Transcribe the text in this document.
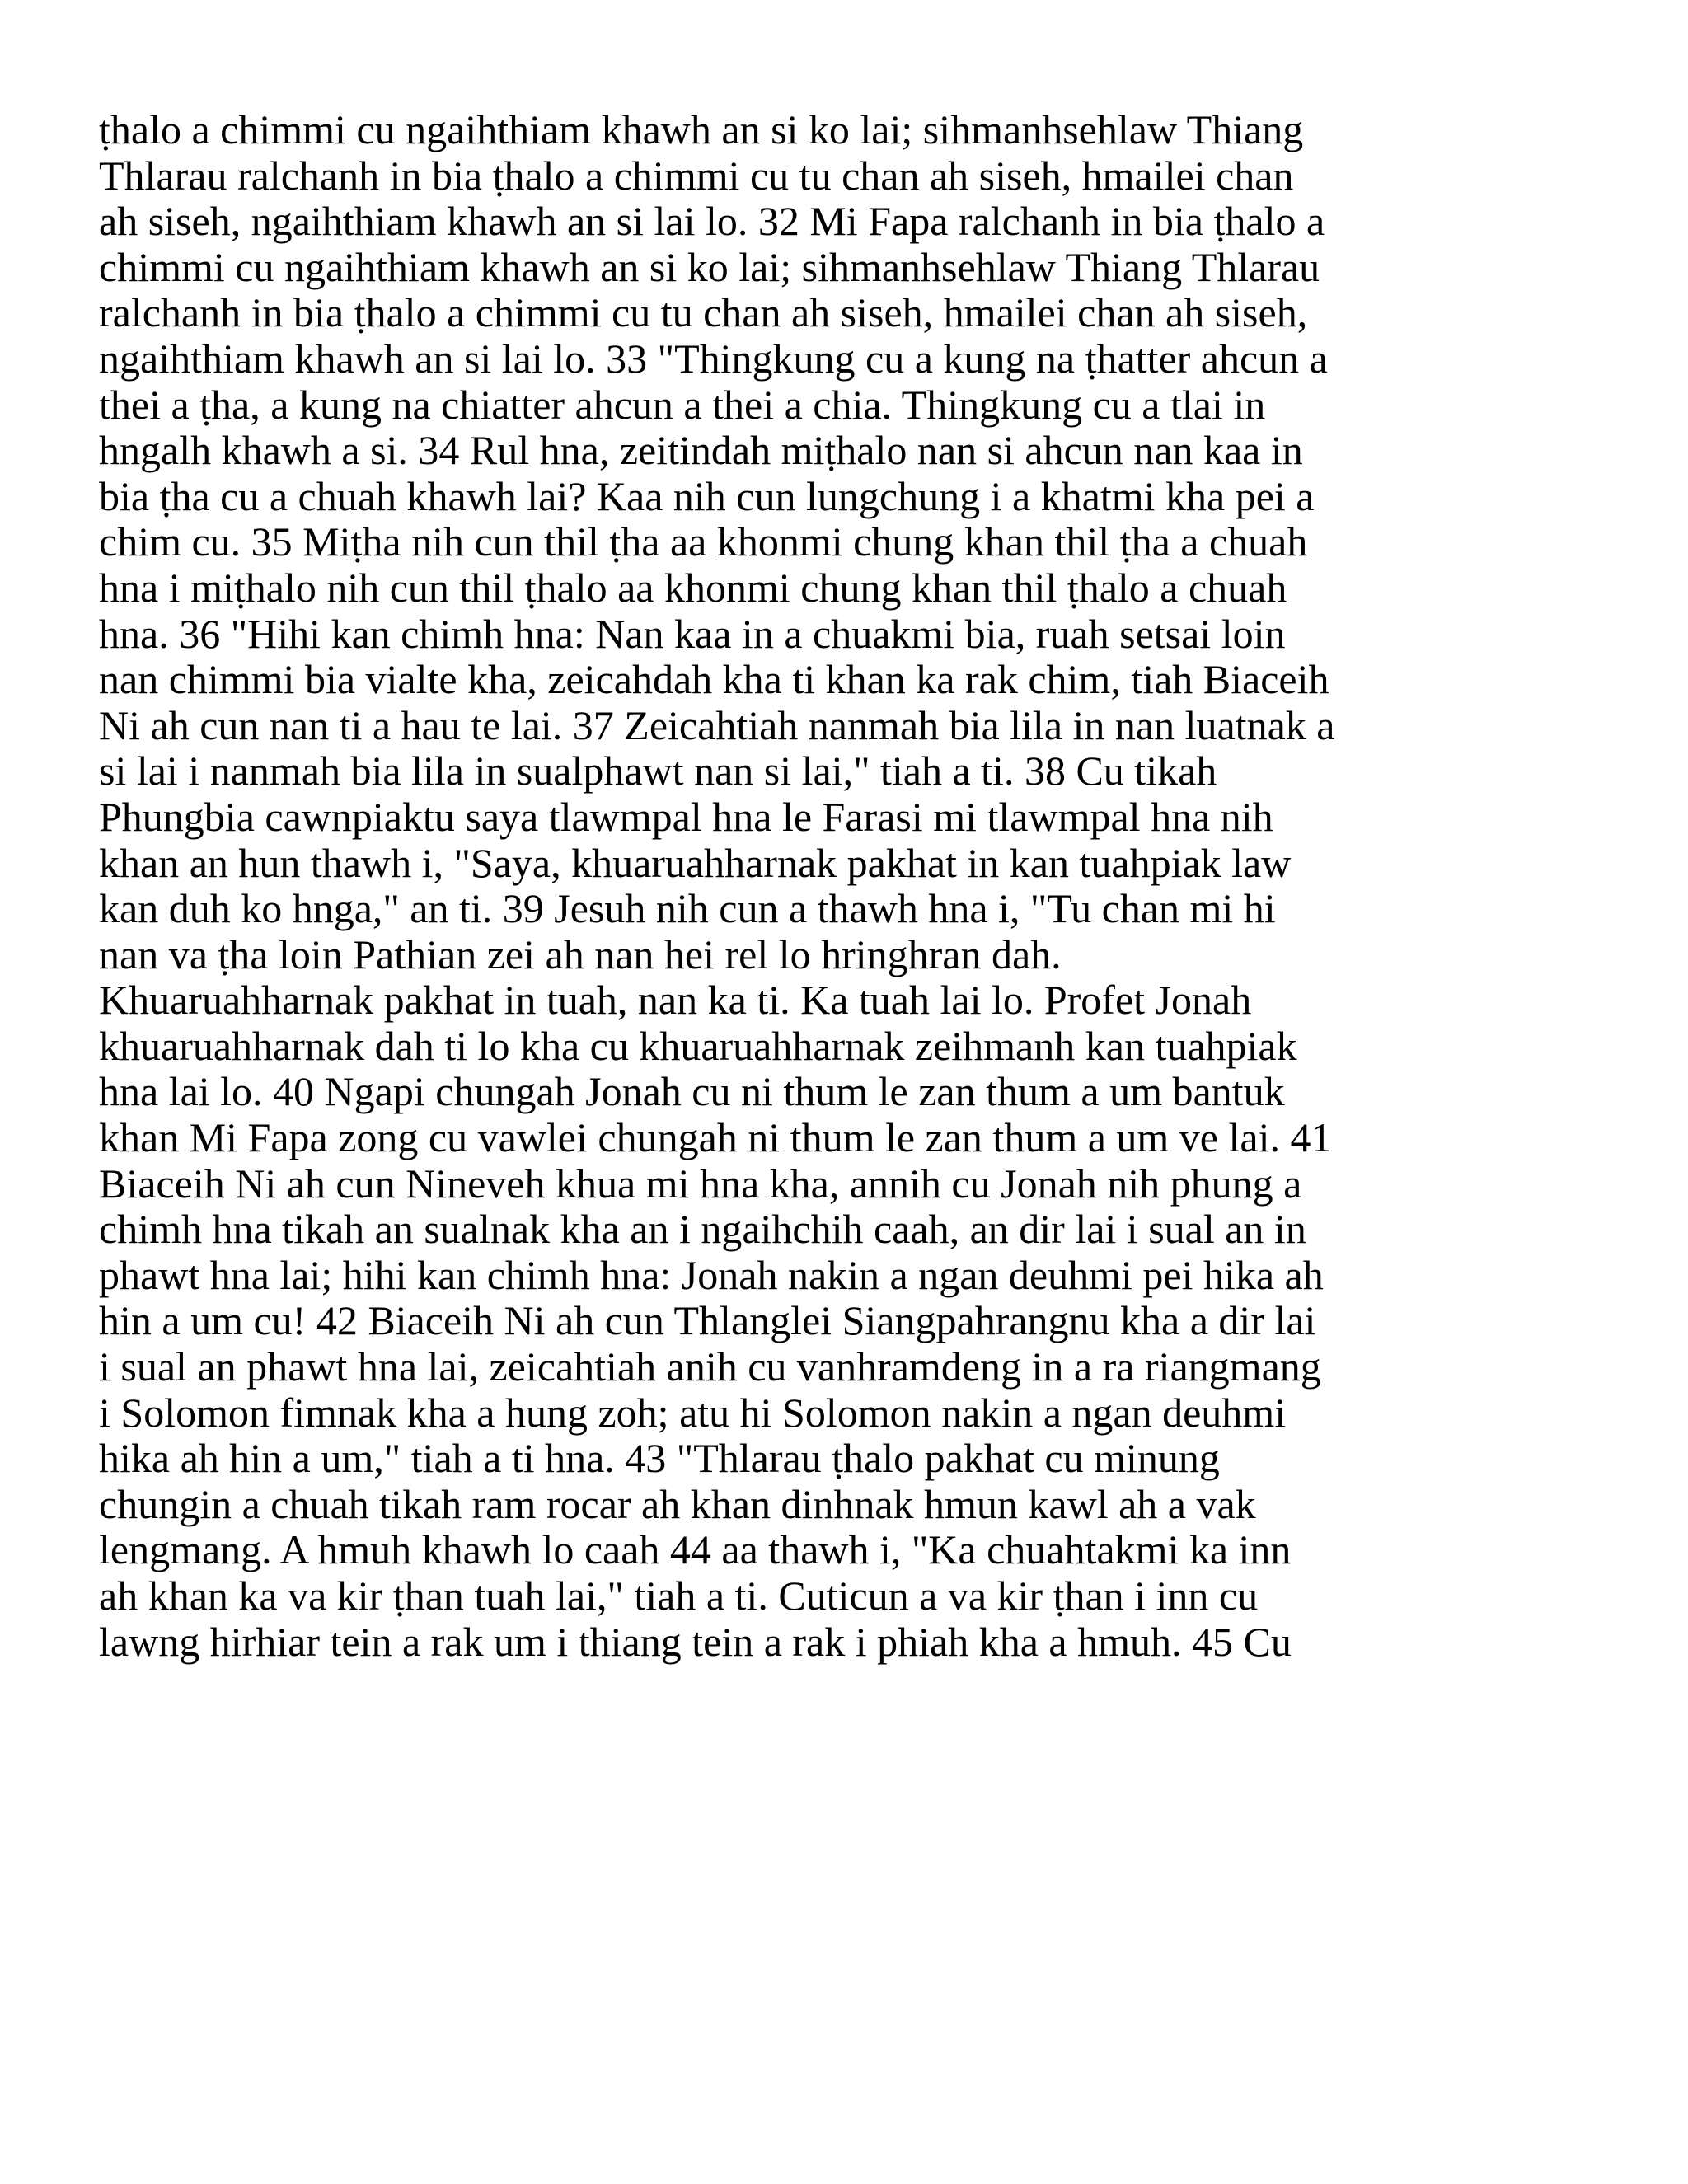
ṭhalo a chimmi cu ngaihthiam khawh an si ko lai; sihmanhsehlaw Thiang
Thlarau ralchanh in bia ṭhalo a chimmi cu tu chan ah siseh, hmailei chan
ah siseh, ngaihthiam khawh an si lai lo. 32 Mi Fapa ralchanh in bia ṭhalo a
chimmi cu ngaihthiam khawh an si ko lai; sihmanhsehlaw Thiang Thlarau
ralchanh in bia ṭhalo a chimmi cu tu chan ah siseh, hmailei chan ah siseh,
ngaihthiam khawh an si lai lo. 33 "Thingkung cu a kung na ṭhatter ahcun a
thei a ṭha, a kung na chiatter ahcun a thei a chia. Thingkung cu a tlai in
hngalh khawh a si. 34 Rul hna, zeitindah miṭhalo nan si ahcun nan kaa in
bia ṭha cu a chuah khawh lai? Kaa nih cun lungchung i a khatmi kha pei a
chim cu. 35 Miṭha nih cun thil ṭha aa khonmi chung khan thil ṭha a chuah
hna i miṭhalo nih cun thil ṭhalo aa khonmi chung khan thil ṭhalo a chuah
hna. 36 "Hihi kan chimh hna: Nan kaa in a chuakmi bia, ruah setsai loin
nan chimmi bia vialte kha, zeicahdah kha ti khan ka rak chim, tiah Biaceih
Ni ah cun nan ti a hau te lai. 37 Zeicahtiah nanmah bia lila in nan luatnak a
si lai i nanmah bia lila in sualphawt nan si lai," tiah a ti. 38 Cu tikah
Phungbia cawnpiaktu saya tlawmpal hna le Farasi mi tlawmpal hna nih
khan an hun thawh i, "Saya, khuaruahharnak pakhat in kan tuahpiak law
kan duh ko hnga," an ti. 39 Jesuh nih cun a thawh hna i, "Tu chan mi hi
nan va ṭha loin Pathian zei ah nan hei rel lo hringhran dah.
Khuaruahharnak pakhat in tuah, nan ka ti. Ka tuah lai lo. Profet Jonah
khuaruahharnak dah ti lo kha cu khuaruahharnak zeihmanh kan tuahpiak
hna lai lo. 40 Ngapi chungah Jonah cu ni thum le zan thum a um bantuk
khan Mi Fapa zong cu vawlei chungah ni thum le zan thum a um ve lai. 41
Biaceih Ni ah cun Nineveh khua mi hna kha, annih cu Jonah nih phung a
chimh hna tikah an sualnak kha an i ngaihchih caah, an dir lai i sual an in
phawt hna lai; hihi kan chimh hna: Jonah nakin a ngan deuhmi pei hika ah
hin a um cu! 42 Biaceih Ni ah cun Thlanglei Siangpahrangnu kha a dir lai
i sual an phawt hna lai, zeicahtiah anih cu vanhramdeng in a ra riangmang
i Solomon fimnak kha a hung zoh; atu hi Solomon nakin a ngan deuhmi
hika ah hin a um," tiah a ti hna. 43 "Thlarau ṭhalo pakhat cu minung
chungin a chuah tikah ram rocar ah khan dinhnak hmun kawl ah a vak
lengmang. A hmuh khawh lo caah 44 aa thawh i, "Ka chuahtakmi ka inn
ah khan ka va kir ṭhan tuah lai," tiah a ti. Cuticun a va kir ṭhan i inn cu
lawng hirhiar tein a rak um i thiang tein a rak i phiah kha a hmuh. 45 Cu
